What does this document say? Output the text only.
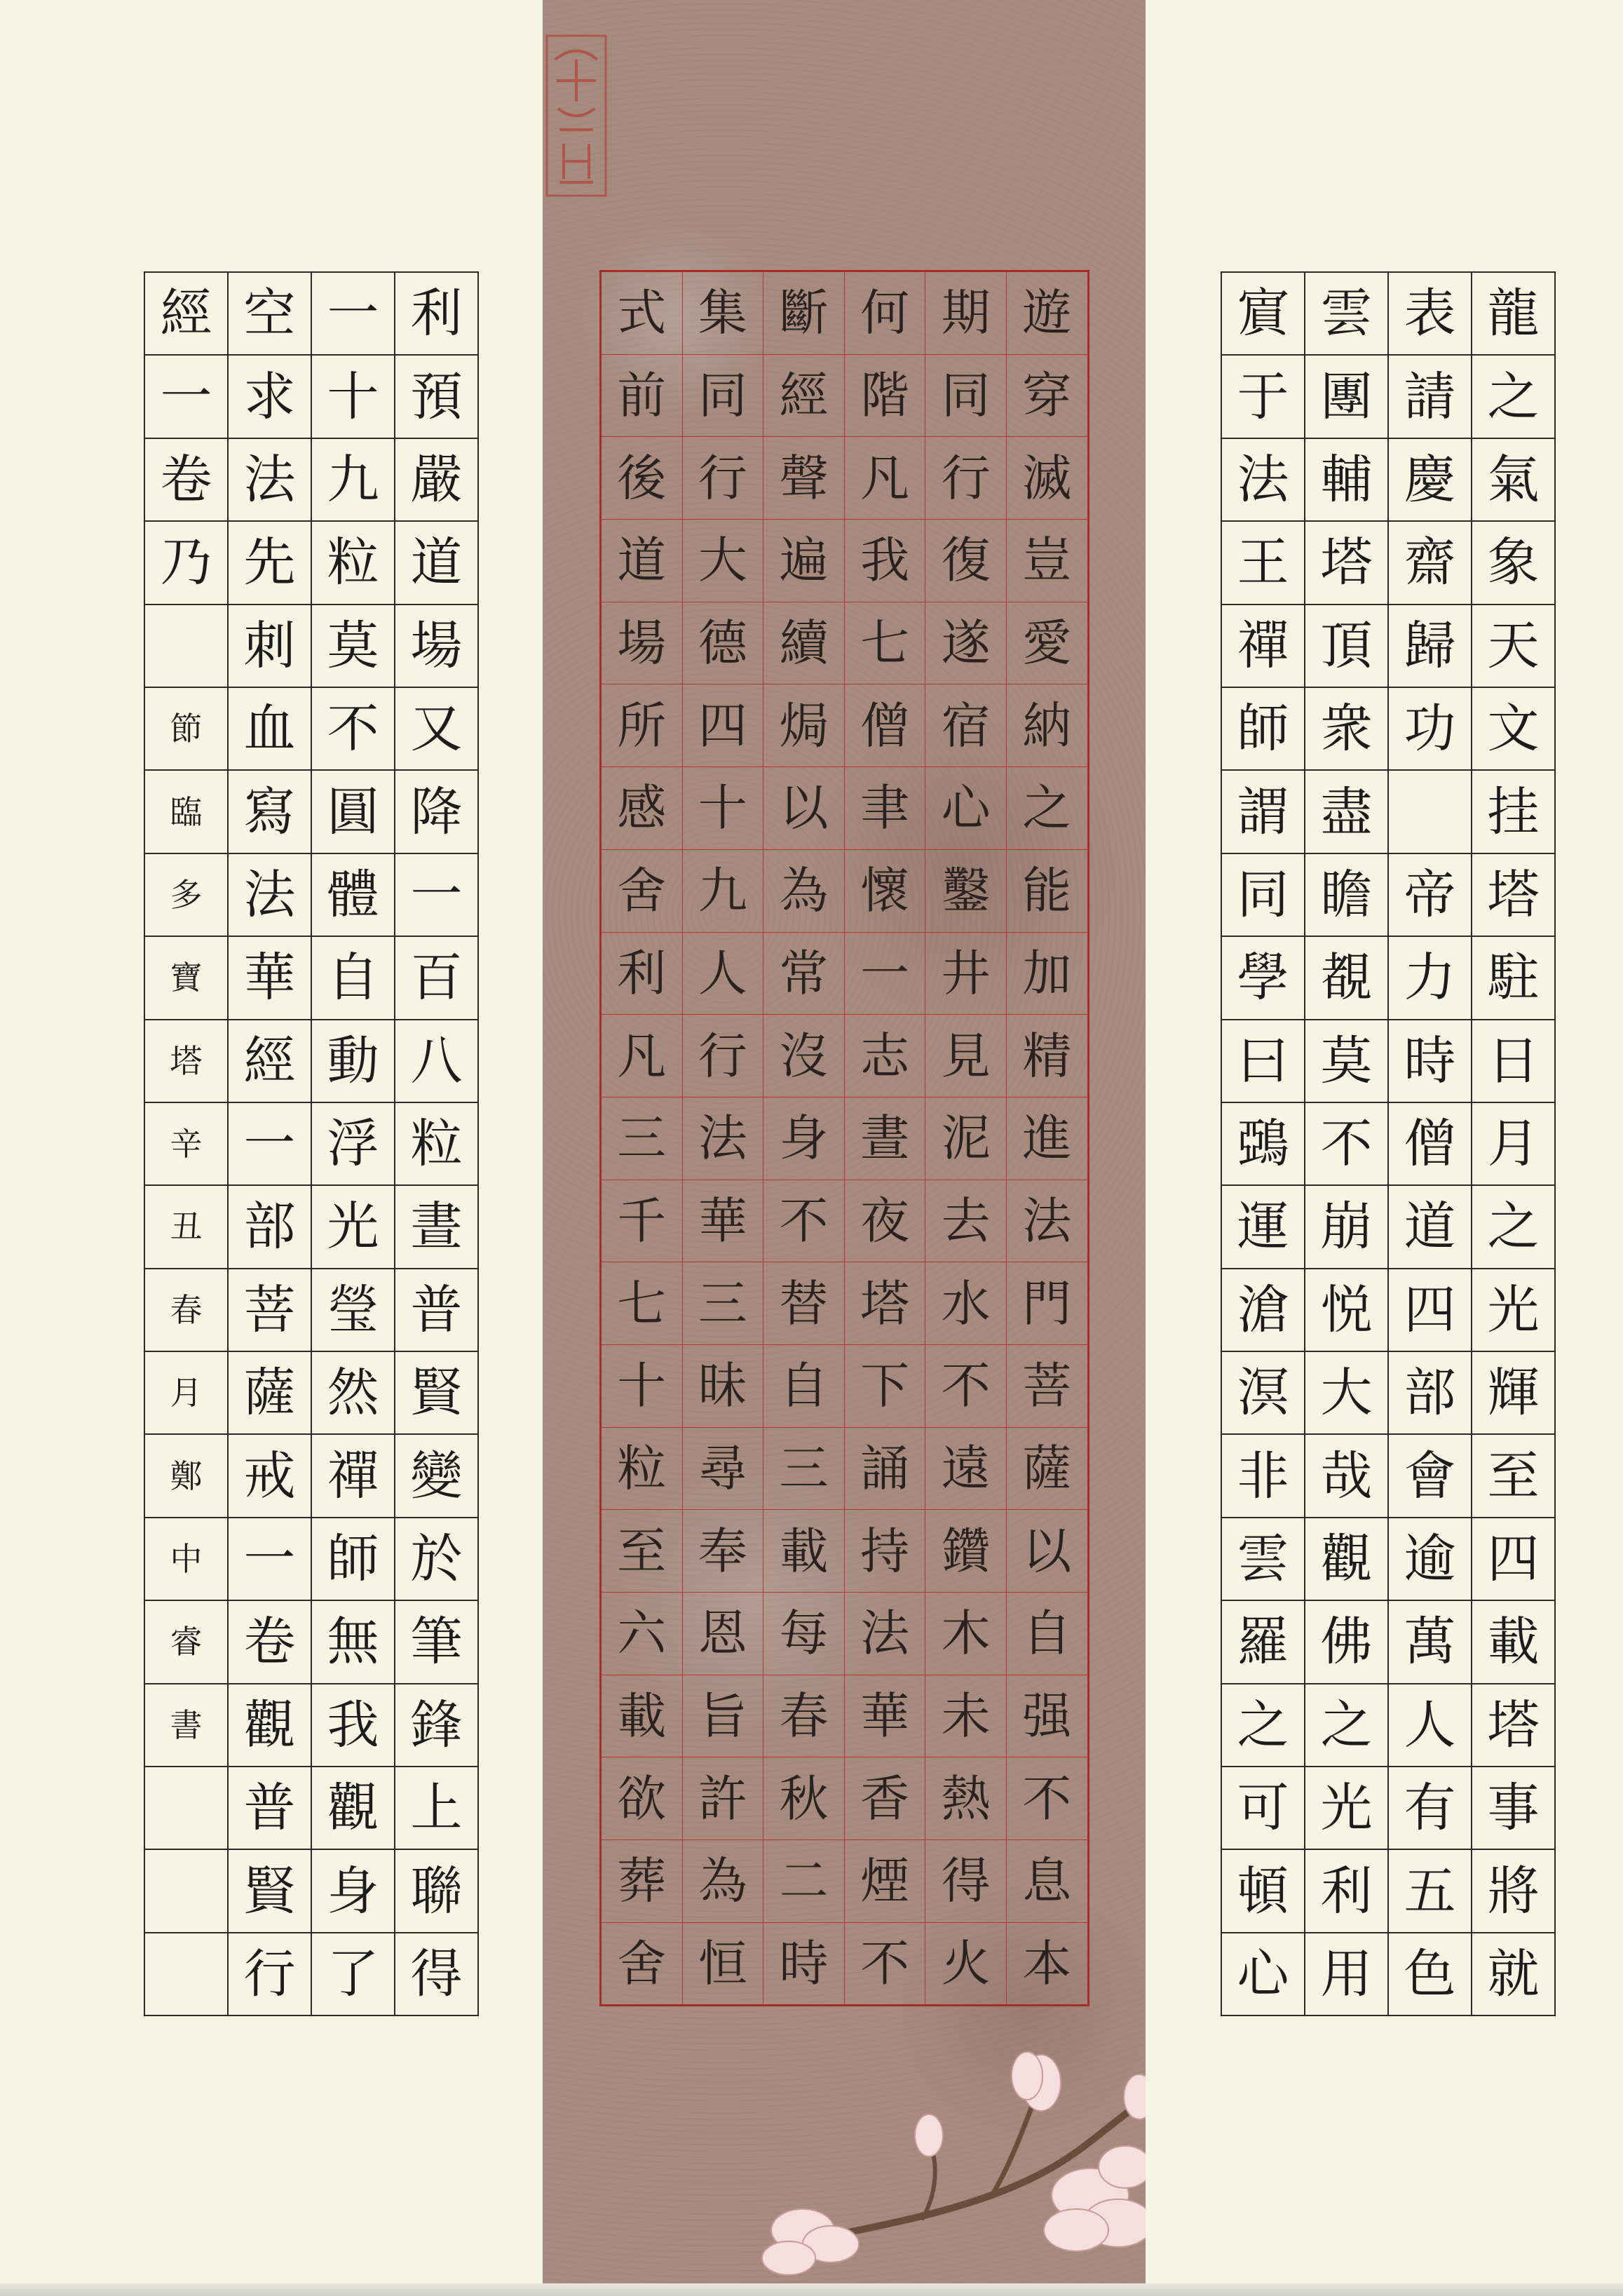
經	空	一	利
一	求	十	預
卷	法	九	嚴
乃	先	粒	道
	刺	莫	場
節	血	不	又
臨	寫	圓	降
多	法	體	一
寶	華	自	百
塔	經	動	八
辛	一	浮	粒
丑	部	光	晝
春	菩	瑩	普
月	薩	然	賢
鄭	戒	禪	變
中	一	師	於
睿	卷	無	筆
書	觀	我	鋒
	普	觀	上
	賢	身	聯
	行	了	得
式	集	斷	何	期	遊
前	同	經	階	同	穿
後	行	聲	凡	行	滅
道	大	遍	我	復	豈
場	德	續	七	遂	愛
所	四	焗	僧	宿	納
感	十	以	聿	心	之
舍	九	為	懷	鑿	能
利	人	常	一	井	加
凡	行	沒	志	見	精
三	法	身	晝	泥	進
千	華	不	夜	去	法
七	三	替	塔	水	門
十	昧	自	下	不	菩
粒	尋	三	誦	遠	薩
至	奉	載	持	鑽	以
六	恩	每	法	木	自
載	旨	春	華	未	强
欲	許	秋	香	熱	不
葬	為	二	煙	得	息
舍	恒	時	不	火	本
賔	雲	表	龍
于	團	請	之
法	輔	慶	氣
王	塔	齋	象
禪	頂	歸	天
師	衆	功	文
謂	盡		挂
同	瞻	帝	塔
學	覩	力	駐
曰	莫	時	日
鵶	不	僧	月
運	崩	道	之
滄	悦	四	光
溟	大	部	輝
非	哉	會	至
雲	觀	逾	四
羅	佛	萬	載
之	之	人	塔
可	光	有	事
頓	利	五	將
心	用	色	就
